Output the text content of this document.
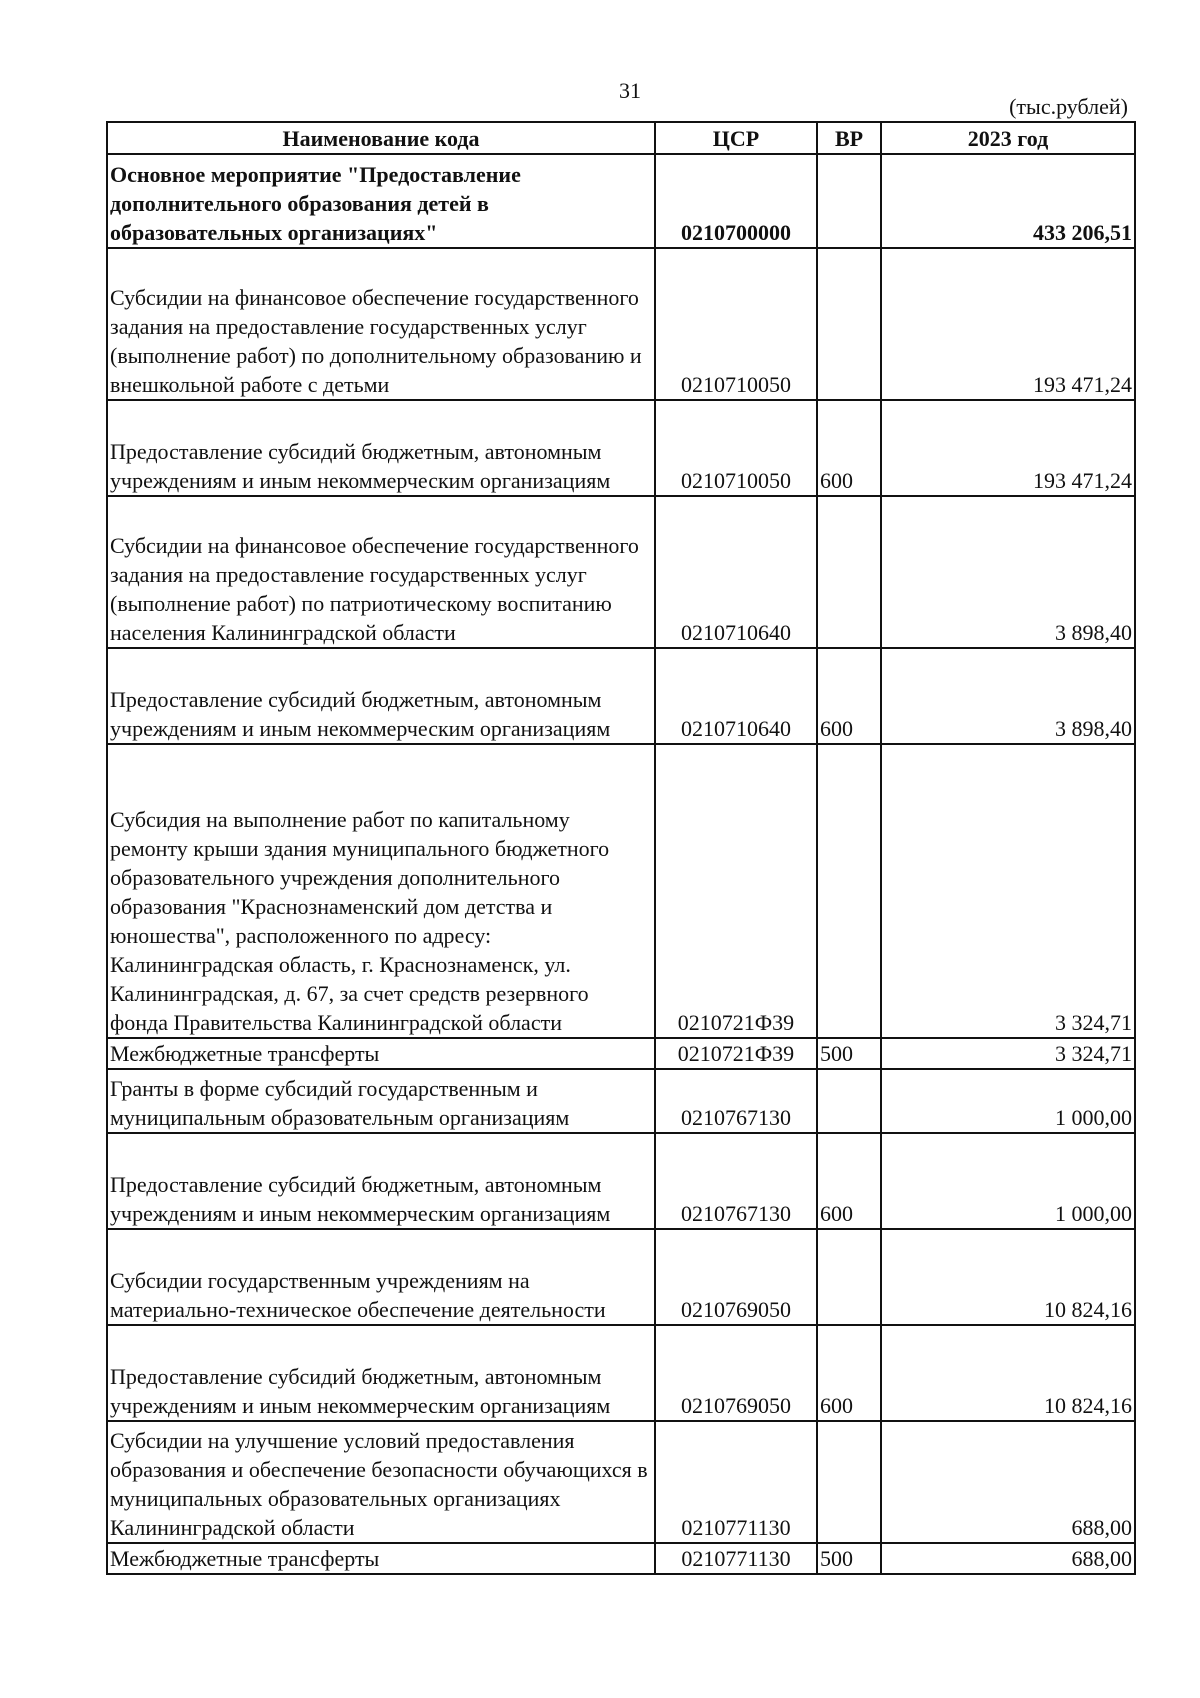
31
(тыс.рублей)
Наименование кода	ЦСР	ВР	2023 год
Основное мероприятие "Предоставление дополнительного образования детей в образовательных организациях"	0210700000		433 206,51
Субсидии на финансовое обеспечение государственного задания на предоставление государственных услуг (выполнение работ) по дополнительному образованию и внешкольной работе с детьми	0210710050		193 471,24
Предоставление субсидий бюджетным, автономным учреждениям и иным некоммерческим организациям	0210710050	600	193 471,24
Субсидии на финансовое обеспечение государственного задания на предоставление государственных услуг (выполнение работ) по патриотическому воспитанию населения Калининградской области	0210710640		3 898,40
Предоставление субсидий бюджетным, автономным учреждениям и иным некоммерческим организациям	0210710640	600	3 898,40
Субсидия на выполнение работ по капитальному ремонту крыши здания муниципального бюджетного образовательного учреждения дополнительного образования "Краснознаменский дом детства и юношества", расположенного по адресу: Калининградская область, г. Краснознаменск, ул. Калининградская, д. 67, за счет средств резервного фонда Правительства Калининградской области	0210721Ф39		3 324,71
Межбюджетные трансферты	0210721Ф39	500	3 324,71
Гранты в форме субсидий государственным и муниципальным образовательным организациям	0210767130		1 000,00
Предоставление субсидий бюджетным, автономным учреждениям и иным некоммерческим организациям	0210767130	600	1 000,00
Субсидии государственным учреждениям на материально-техническое обеспечение деятельности	0210769050		10 824,16
Предоставление субсидий бюджетным, автономным учреждениям и иным некоммерческим организациям	0210769050	600	10 824,16
Субсидии на улучшение условий предоставления образования и обеспечение безопасности обучающихся в муниципальных образовательных организациях Калининградской области	0210771130		688,00
Межбюджетные трансферты	0210771130	500	688,00
